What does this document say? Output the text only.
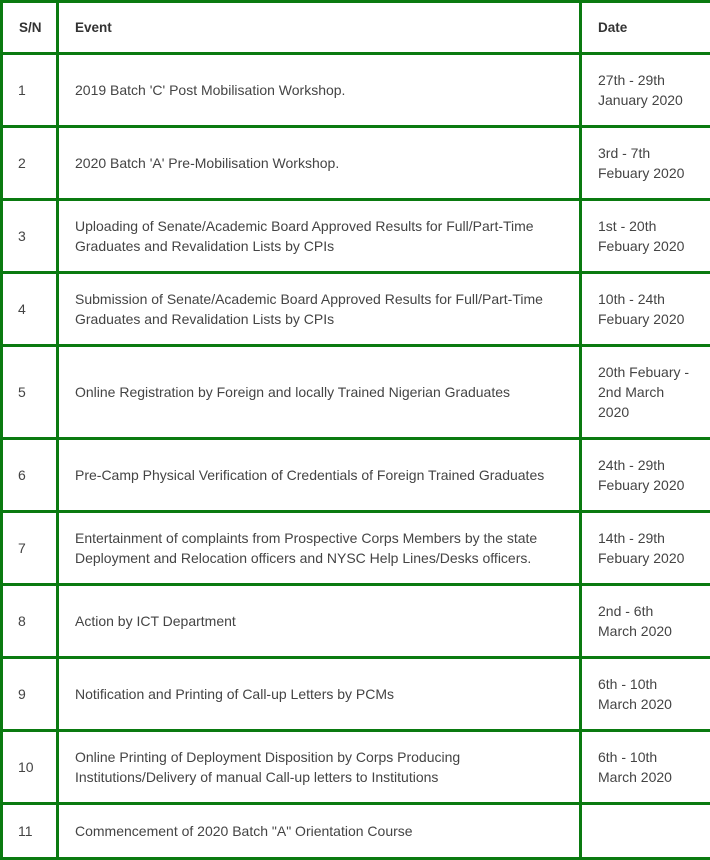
S/N	Event	Date
1	2019 Batch 'C' Post Mobilisation Workshop.	27th - 29th January 2020
2	2020 Batch 'A' Pre-Mobilisation Workshop.	3rd - 7th Febuary 2020
3	Uploading of Senate/Academic Board Approved Results for Full/Part-Time Graduates and Revalidation Lists by CPIs	1st - 20th Febuary 2020
4	Submission of Senate/Academic Board Approved Results for Full/Part-Time Graduates and Revalidation Lists by CPIs	10th - 24th Febuary 2020
5	Online Registration by Foreign and locally Trained Nigerian Graduates	20th Febuary - 2nd March 2020
6	Pre-Camp Physical Verification of Credentials of Foreign Trained Graduates	24th - 29th Febuary 2020
7	Entertainment of complaints from Prospective Corps Members by the state Deployment and Relocation officers and NYSC Help Lines/Desks officers.	14th - 29th Febuary 2020
8	Action by ICT Department	2nd - 6th March 2020
9	Notification and Printing of Call-up Letters by PCMs	6th - 10th March 2020
10	Online Printing of Deployment Disposition by Corps Producing Institutions/Delivery of manual Call-up letters to Institutions	6th - 10th March 2020
11	Commencement of 2020 Batch "A" Orientation Course	
